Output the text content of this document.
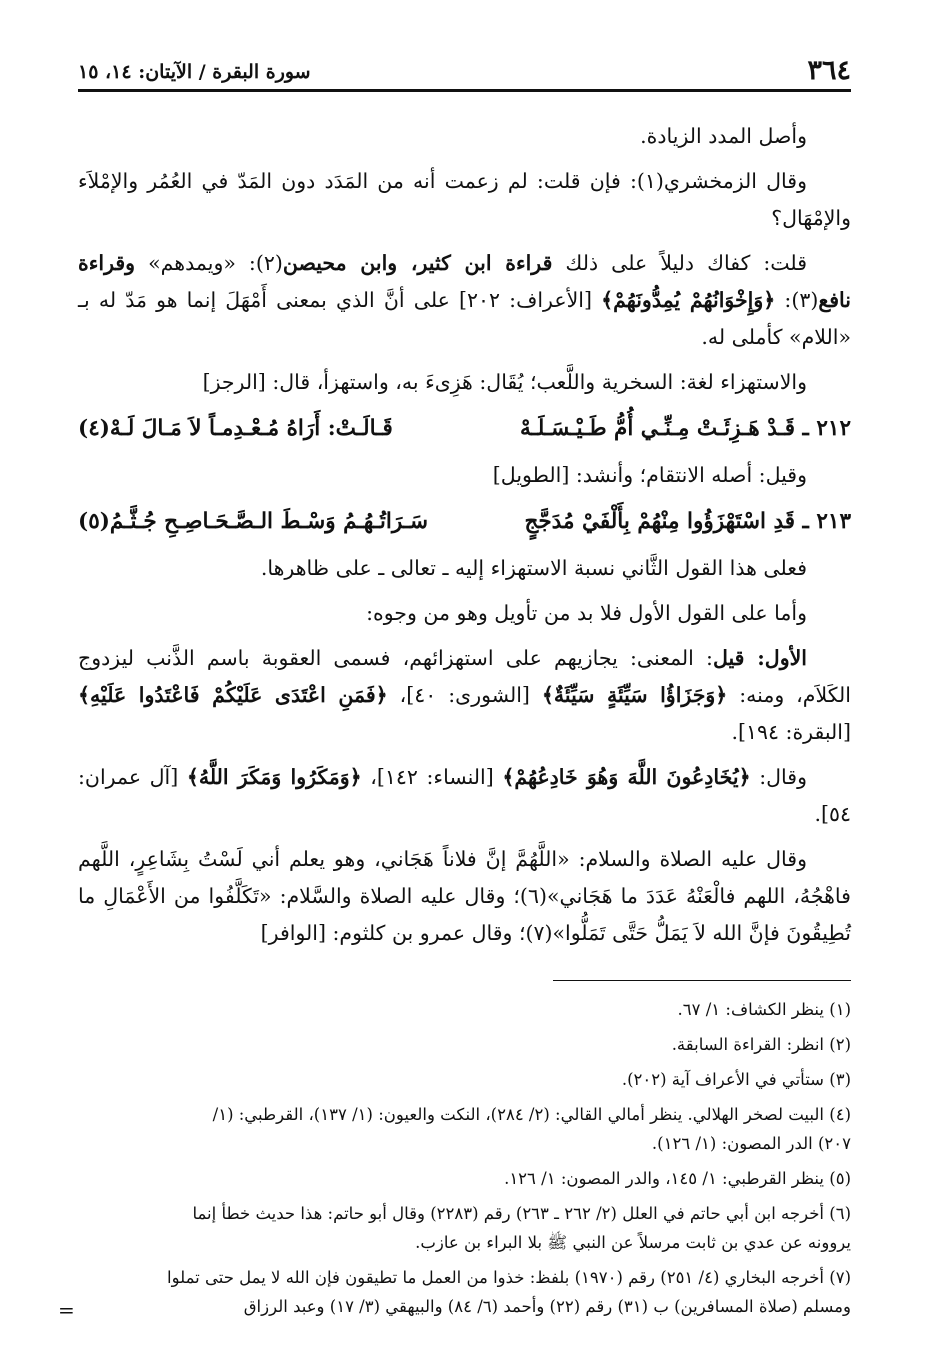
٣٦٤
سورة البقرة / الآيتان: ١٤، ١٥

وأصل المدد الزيادة.

وقال الزمخشري(١): فإن قلت: لم زعمت أنه من المَدَد دون المَدّ في العُمُر والإمْلاَء والإمْهَال؟

قلت: كفاك دليلاً على ذلك قراءة ابن كثير، وابن محيصن(٢): «ويمدهم» وقراءة نافع(٣): ﴿وَإِخْوَانُهُمْ يُمِدُّونَهُمْ﴾ [الأعراف: ٢٠٢] على أنَّ الذي بمعنى أَمْهَلَ إنما هو مَدّ له بـ «اللام» كأملى له.

والاستهزاء لغة: السخرية واللَّعب؛ يُقَال: هَزِىءَ به، واستهزأ، قال: [الرجز]

٢١٢ ـ قَـدْ هَـزِئَـتْ مِـنِّـي أُمُّ طَـيْـسَـلَـهْ
قَـالَـتْ: أَرَاهُ مُـعْـدِمـاً لاَ مَـالَ لَـهْ(٤)

وقيل: أصله الانتقام؛ وأنشد: [الطويل]

٢١٣ ـ قَدِ اسْتَهْزَؤُوا مِنْهُمْ بِأَلْفَيْ مُدَجَّجٍ
سَـرَاتُـهُـمُ وَسْـطَ الـصَّـحَـاصِـحِ جُـثَّـمُ(٥)

فعلى هذا القول الثَّاني نسبة الاستهزاء إليه ـ تعالى ـ على ظاهرها.

وأما على القول الأول فلا بد من تأويل وهو من وجوه:

الأول: قيل: المعنى: يجازيهم على استهزائهم، فسمى العقوبة باسم الذَّنب ليزدوج الكَلاَم، ومنه: ﴿وَجَزَاؤُا سَيِّئَةٍ سَيِّئَةٌ﴾ [الشورى: ٤٠]، ﴿فَمَنِ اعْتَدَى عَلَيْكُمْ فَاعْتَدُوا عَلَيْهِ﴾ [البقرة: ١٩٤].

وقال: ﴿يُخَادِعُونَ اللَّهَ وَهُوَ خَادِعُهُمْ﴾ [النساء: ١٤٢]، ﴿وَمَكَرُوا وَمَكَرَ اللَّهُ﴾ [آل عمران: ٥٤].

وقال عليه الصلاة والسلام: «اللَّهُمَّ إنَّ فلاناً هَجَاني، وهو يعلم أني لَسْتُ بِشَاعِرٍ، اللَّهم فاهْجُهُ، اللهم فالْعَنْهُ عَدَدَ ما هَجَاني»(٦)؛ وقال عليه الصلاة والسَّلام: «تَكَلَّفُوا من الأَعْمَالِ ما تُطِيقُونَ فإنَّ الله لاَ يَمَلُّ حَتَّى تَمَلُّوا»(٧)؛ وقال عمرو بن كلثوم: [الوافر]

(١) ينظر الكشاف: ١/ ٦٧.
(٢) انظر: القراءة السابقة.
(٣) ستأتي في الأعراف آية (٢٠٢).
(٤) البيت لصخر الهلالي. ينظر أمالي القالي: (٢/ ٢٨٤)، النكت والعيون: (١/ ١٣٧)، القرطبي: (١/
٢٠٧) الدر المصون: (١/ ١٢٦).
(٥) ينظر القرطبي: ١/ ١٤٥، والدر المصون: ١/ ١٢٦.
(٦) أخرجه ابن أبي حاتم في العلل (٢/ ٢٦٢ ـ ٢٦٣) رقم (٢٢٨٣) وقال أبو حاتم: هذا حديث خطأ إنما
يروونه عن عدي بن ثابت مرسلاً عن النبي ﷺ بلا البراء بن عازب.
(٧) أخرجه البخاري (٤/ ٢٥١) رقم (١٩٧٠) بلفظ: خذوا من العمل ما تطيقون فإن الله لا يمل حتى تملوا
ومسلم (صلاة المسافرين) ب (٣١) رقم (٢٢) وأحمد (٦/ ٨٤) والبيهقي (٣/ ١٧) وعبد الرزاق
=
